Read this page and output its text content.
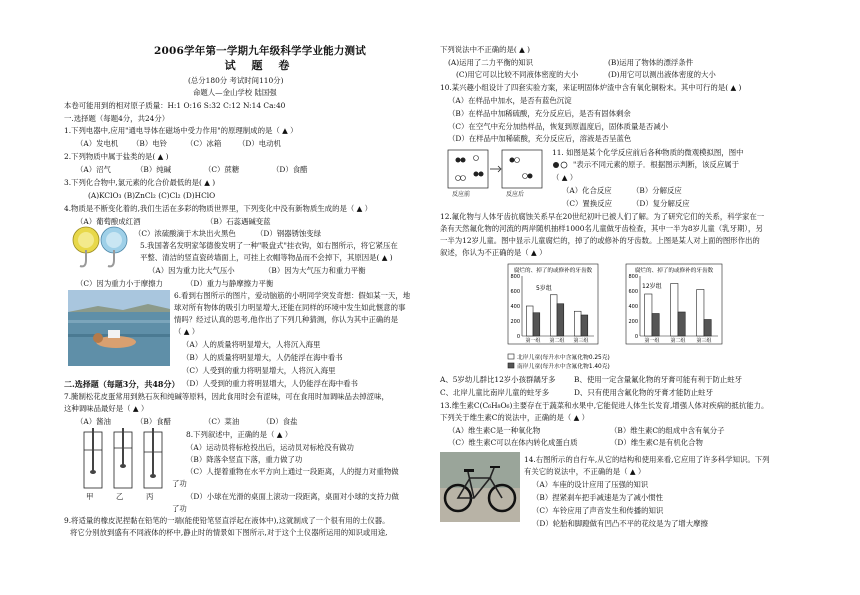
2006学年第一学期九年级科学学业能力测试
试 题 卷
(总分180分 考试时间110分)
命题人—金山学校 陆国强
本卷可能用到的相对原子质量：H:1 O:16 S:32 C:12 N:14 Ca:40
一.选择题（每题4分，共24分）
1.下列电器中,应用"通电导体在磁场中受力作用"的原理制成的是（ ▲ ）
（A）发电机 （B）电铃	（C）冰箱 （D）电动机
2.下列物质中属于盐类的是( ▲ )
（A）沼气	（B）纯碱	（C）蔗糖	（D）食醋
3.下列化合物中,氯元素的化合价最低的是( ▲ )
(A)KClO₃ (B)ZnCl₂ (C)Cl₂ (D)HClO
4.物质是不断变化着的,我们生活在多彩的物质世界里，下列变化中没有新物质生成的是（ ▲ ）
（A）葡萄酿成红酒	（B）石蕊遇碱变蓝
（C）浓硫酸滴于木块出火黑色	（D）钢器锈蚀变绿
5.我国著名发明家邹德俊发明了一种"吸盘式"挂衣钩，如右图所示，将它紧压在
平整、清洁的竖直瓷砖墙面上，可挂上衣帽等物品而不会掉下，其原因是( ▲ )
（A）因为重力比大气压小	（B）因为大气压力和重力平衡
（C）因为重力小于摩擦力	（D）重力与静摩擦力平衡
6.看到右图所示的图片，爱动脑筋的小明同学突发奇想：假如某一天，地
球对所有物体的吸引力明显增大,还能在同样的环境中发生如此惬意的事
情吗？经过认真的思考,他作出了下列几种猜测，你认为其中正确的是
（ ▲ ）
（A）人的质量将明显增大，人将沉入海里
（B）人的质量将明显增大，人仍能浮在海中看书
（C）人受到的重力将明显增大，人将沉入海里
（D）人受到的重力将明显增大，人仍能浮在海中看书
二.选择题（每题3分，共48分）
7.腌制松花皮蛋常用到熟石灰和纯碱等原料，因此食用时会有涩味，可在食用时加调味品去掉涩味，
这种调味品最好是（ ▲ ）
（A）酱油	（B）食醋	（C）菜油	（D）食盐
甲	乙	丙
8.下列叙述中，正确的是（ ▲ ）
（A）运动员将标枪投出后，运动员对标枪没有做功
（B）降落伞竖直下落，重力做了功
（C）人提着重物在水平方向上通过一段距离，人的提力对重物做
了功
（D）小球在光滑的桌面上滚动一段距离，桌面对小球的支持力做
了功
9.将适量的橡皮泥捏黏在铅笔的一端(能使铅笔竖直浮起在液体中),这就制成了一个很有用的土仪器。
将它分别放到盛有不同液体的杯中,静止时的情景如下图所示,对于这个土仪器所运用的知识或用途,
下列说法中不正确的是( ▲ )
(A)运用了二力平衡的知识	(B)运用了物体的漂浮条件
(C)用它可以比较不同液体密度的大小	(D)用它可以测出液体密度的大小
10.某兴趣小组设计了四套实验方案，来证明固体炉渣中含有氧化铜粉末。其中可行的是( ▲ )
（A）在样品中加水，是否有蓝色沉淀
（B）在样品中加稀硫酸，充分反应后，是否有固体剩余
（C）在空气中充分加热样品，恢复到原温度后，固体质量是否减小
（D）在样品中加稀硫酸，充分反应后，溶液是否呈蓝色
反应前	反应后
11. 如图是某个化学反应前后各种物质的微观模拟图，图中
"表示不同元素的原子．根据图示判断，该反应属于
（ ▲ ）
（A）化合反应	（B）分解反应
（C）置换反应	（D）复分解反应
12.氟化物与人体牙齿抗腐蚀关系早在20世纪初叶已被人们了解。为了研究它们的关系，科学家在一
条有天然氟化物的河流的两岸随机抽样1000名儿童做牙齿检查，其中一半为8岁儿童（乳牙期），另
一半为12岁儿童。图中显示儿童腐烂的，掉了的或修补的牙齿数。上图是某人对上面的图形作出的
叙述，你认为不正确的是（ ▲ ）
腐烂的、掉了的或修补的牙齿数	腐烂的、掉了的或修补的牙齿数
5岁组	12岁组
0
200
400
600
800
第一组 第二组 第三组
0
200
400
600
800
第一组 第二组 第三组
北岸儿童(每升水中含氟化物0.25克)
南岸儿童(每升水中含氟化物1.40克)
A、5岁幼儿群比12岁小孩群龋牙多 B、使用一定含量氟化物的牙膏可能有利于防止蛀牙
C、北岸儿童比南岸儿童的蛀牙多	D、只有使用含氟化物的牙膏才能防止蛀牙
13.维生素C(C₆H₈O₆)主要存在于蔬菜和水果中,它能促进人体生长发育,增强人体对疾病的抵抗能力。
下列关于维生素C的说法中，正确的是（ ▲ ）
（A）维生素C是一种氧化物	（B）维生素C的组成中含有氧分子
（C）维生素C可以在体内转化成蛋白质	（D）维生素C是有机化合物
14.右图所示的自行车,从它的结构和使用来看,它应用了许多科学知识。下列
有关它的说法中，不正确的是（ ▲ ）
（A）车座的设计应用了压强的知识
（B）捏紧刹车把手减速是为了减小惯性
（C）车铃应用了声音发生和传播的知识
（D）轮胎和脚蹬做有凹凸不平的花纹是为了增大摩擦
